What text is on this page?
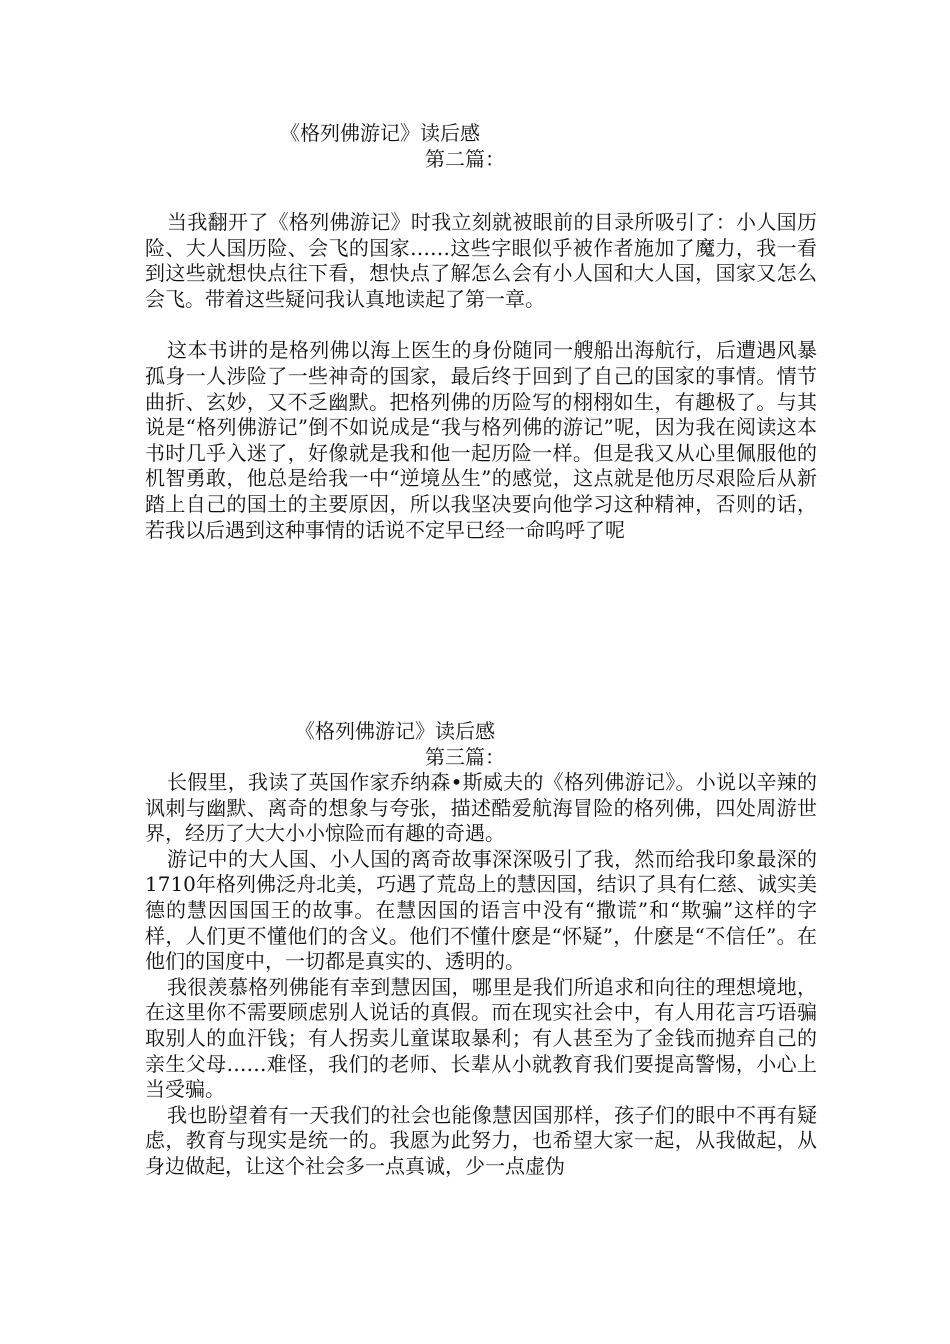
《格列佛游记》读后感

第二篇：

当我翻开了《格列佛游记》时我立刻就被眼前的目录所吸引了：小人国历险、大人国历险、会飞的国家……这些字眼似乎被作者施加了魔力，我一看到这些就想快点往下看，想快点了解怎么会有小人国和大人国，国家又怎么会飞。带着这些疑问我认真地读起了第一章。

这本书讲的是格列佛以海上医生的身份随同一艘船出海航行，后遭遇风暴孤身一人涉险了一些神奇的国家，最后终于回到了自己的国家的事情。情节曲折、玄妙，又不乏幽默。把格列佛的历险写的栩栩如生，有趣极了。与其说是“格列佛游记”倒不如说成是“我与格列佛的游记”呢，因为我在阅读这本书时几乎入迷了，好像就是我和他一起历险一样。但是我又从心里佩服他的机智勇敢，他总是给我一中“逆境丛生”的感觉，这点就是他历尽艰险后从新踏上自己的国土的主要原因，所以我坚决要向他学习这种精神，否则的话，若我以后遇到这种事情的话说不定早已经一命呜呼了呢

《格列佛游记》读后感

第三篇：

长假里，我读了英国作家乔纳森•斯威夫的《格列佛游记》。小说以辛辣的讽刺与幽默、离奇的想象与夸张，描述酷爱航海冒险的格列佛，四处周游世界，经历了大大小小惊险而有趣的奇遇。

游记中的大人国、小人国的离奇故事深深吸引了我，然而给我印象最深的1710年格列佛泛舟北美，巧遇了荒岛上的慧因国，结识了具有仁慈、诚实美德的慧因国国王的故事。在慧因国的语言中没有“撒谎”和“欺骗”这样的字样，人们更不懂他们的含义。他们不懂什麽是“怀疑”，什麽是“不信任”。在他们的国度中，一切都是真实的、透明的。

我很羡慕格列佛能有幸到慧因国，哪里是我们所追求和向往的理想境地，在这里你不需要顾虑别人说话的真假。而在现实社会中，有人用花言巧语骗取别人的血汗钱；有人拐卖儿童谋取暴利；有人甚至为了金钱而抛弃自己的亲生父母……难怪，我们的老师、长辈从小就教育我们要提高警惕，小心上当受骗。

我也盼望着有一天我们的社会也能像慧因国那样，孩子们的眼中不再有疑虑，教育与现实是统一的。我愿为此努力，也希望大家一起，从我做起，从身边做起，让这个社会多一点真诚，少一点虚伪
